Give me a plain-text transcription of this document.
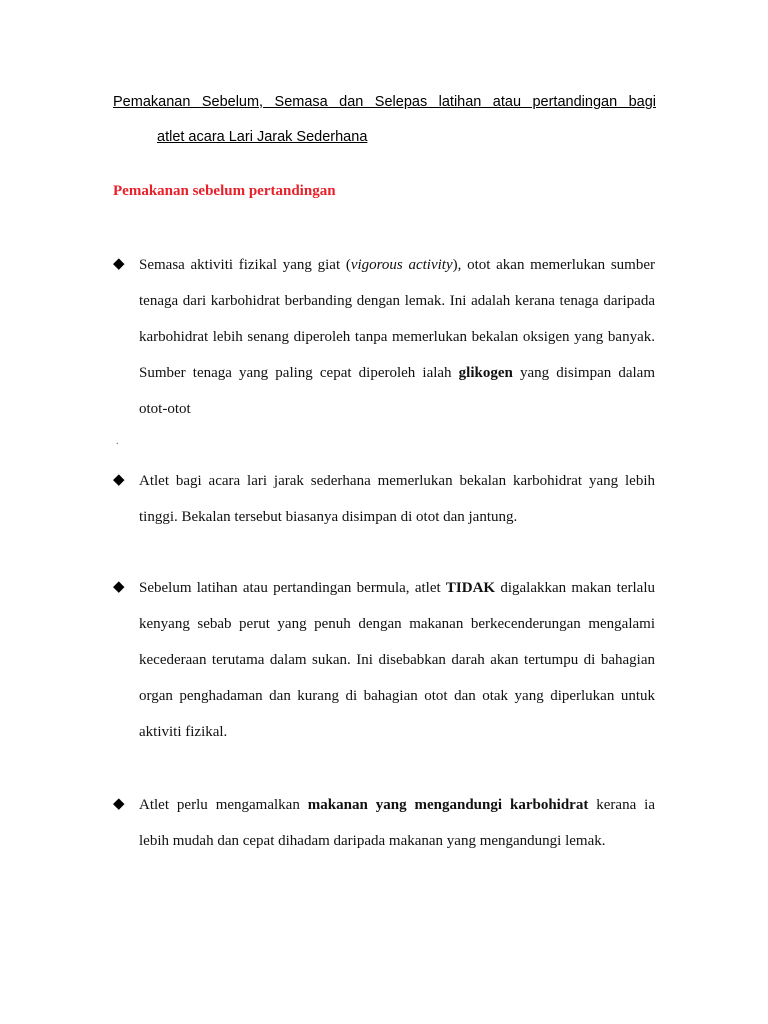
Pemakanan Sebelum, Semasa dan Selepas latihan atau pertandingan bagi
atlet acara Lari Jarak Sederhana
Pemakanan sebelum pertandingan
◆ Semasa aktiviti fizikal yang giat (vigorous activity), otot akan memerlukan sumber
tenaga dari karbohidrat berbanding dengan lemak. Ini adalah kerana tenaga daripada
karbohidrat lebih senang diperoleh tanpa memerlukan bekalan oksigen yang banyak.
Sumber tenaga yang paling cepat diperoleh ialah glikogen yang disimpan dalam
otot-otot
.
◆ Atlet bagi acara lari jarak sederhana memerlukan bekalan karbohidrat yang lebih
tinggi. Bekalan tersebut biasanya disimpan di otot dan jantung.
◆ Sebelum latihan atau pertandingan bermula, atlet TIDAK digalakkan makan terlalu
kenyang sebab perut yang penuh dengan makanan berkecenderungan mengalami
kecederaan terutama dalam sukan. Ini disebabkan darah akan tertumpu di bahagian
organ penghadaman dan kurang di bahagian otot dan otak yang diperlukan untuk
aktiviti fizikal.
◆ Atlet perlu mengamalkan makanan yang mengandungi karbohidrat kerana ia
lebih mudah dan cepat dihadam daripada makanan yang mengandungi lemak.
